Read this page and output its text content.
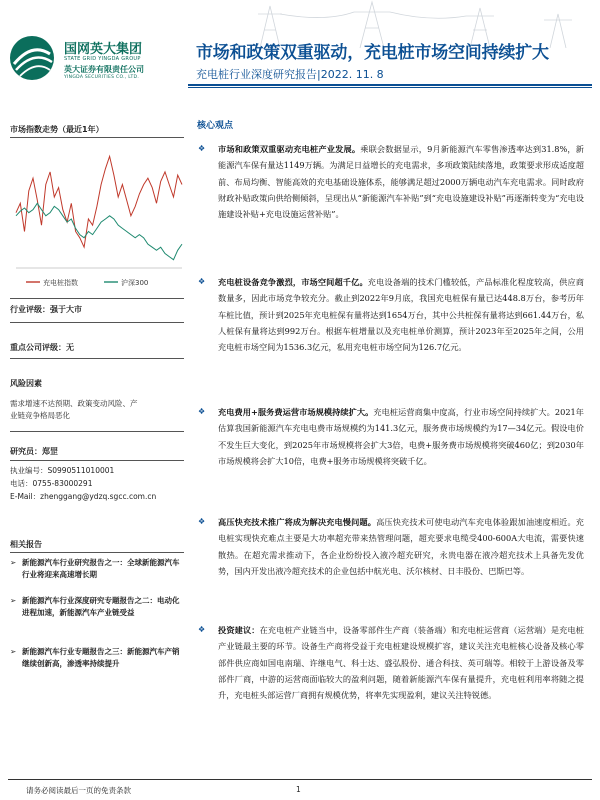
国网英大集团
STATE GRID YINGDA GROUP
英大证券有限责任公司
YINGDA SECURITIES CO., LTD.
市场和政策双重驱动，充电桩市场空间持续扩大
充电桩行业深度研究报告|2022. 11. 8
市场指数走势（最近1年）
充电桩指数	沪深300
行业评级：强于大市
重点公司评级：无
风险因素
需求增速不达预期、政策变动风险、产
业链竞争格局恶化
研究员：郑罡
执业编号：S0990511010001
电话：0755-83000291
E-Mail：zhenggang@ydzq.sgcc.com.cn
相关报告
➢ 新能源汽车行业研究报告之一：全球新能源汽车行业将迎来高速增长期
➢ 新能源汽车行业深度研究专题报告之二：电动化进程加速，新能源汽车产业链受益
➢ 新能源汽车行业专题报告之三：新能源汽车产销继续创新高，渗透率持续提升
核心观点
❖	市场和政策双重驱动充电桩产业发展。乘联会数据显示，9月新能源汽车零售渗透率达到31.8%，新能源汽车保有量达1149万辆。为满足日益增长的充电需求，多项政策陆续落地，政策要求形成适度超前、布局均衡、智能高效的充电基础设施体系，能够满足超过2000万辆电动汽车充电需求。同时政府财政补贴政策向供给侧倾斜，呈现出从“新能源汽车补贴”到“充电设施建设补贴”再逐渐转变为“充电设施建设补贴+充电设施运营补贴”。
❖	充电桩设备竞争激烈，市场空间超千亿。充电设备端的技术门槛较低，产品标准化程度较高，供应商数量多，因此市场竞争较充分。截止到2022年9月底，我国充电桩保有量已达448.8万台，参考历年车桩比值，预计到2025年充电桩保有量将达到1654万台，其中公共桩保有量将达到661.44万台，私人桩保有量将达到992万台。根据车桩增量以及充电桩单价测算，预计2023年至2025年之间，公用充电桩市场空间为1536.3亿元，私用充电桩市场空间为126.7亿元。
❖	充电费用+服务费运营市场规模持续扩大。充电桩运营商集中度高，行业市场空间持续扩大。2021年估算我国新能源汽车充电电费市场规模约为141.3亿元，服务费市场规模约为17—34亿元。假设电价不发生巨大变化，到2025年市场规模将会扩大3倍，电费+服务费市场规模将突破460亿；到2030年市场规模将会扩大10倍，电费+服务市场规模将突破千亿。
❖	高压快充技术推广将成为解决充电慢问题。高压快充技术可使电动汽车充电体验跟加油速度相近。充电桩实现快充难点主要是大功率超充带来热管理问题，超充要求电缆受400-600A大电流，需要快速散热。在超充需求推动下，各企业纷纷投入液冷超充研究，永贵电器在液冷超充技术上具备先发优势，国内开发出液冷超充技术的企业包括中航光电、沃尔核材、日丰股份、巴斯巴等。
❖	投资建议：在充电桩产业链当中，设备零部件生产商（装备端）和充电桩运营商（运营端）是充电桩产业链最主要的环节。设备生产商将受益于充电桩建设规模扩容，建议关注充电桩核心设备及核心零部件供应商如国电南瑞、许继电气、科士达、盛弘股份、通合科技、英可瑞等。相较于上游设备及零部件厂商，中游的运营商面临较大的盈利问题，随着新能源汽车保有量提升，充电桩利用率将随之提升，充电桩头部运营厂商拥有规模优势，将率先实现盈利，建议关注特锐德。
请务必阅读最后一页的免责条款	1
